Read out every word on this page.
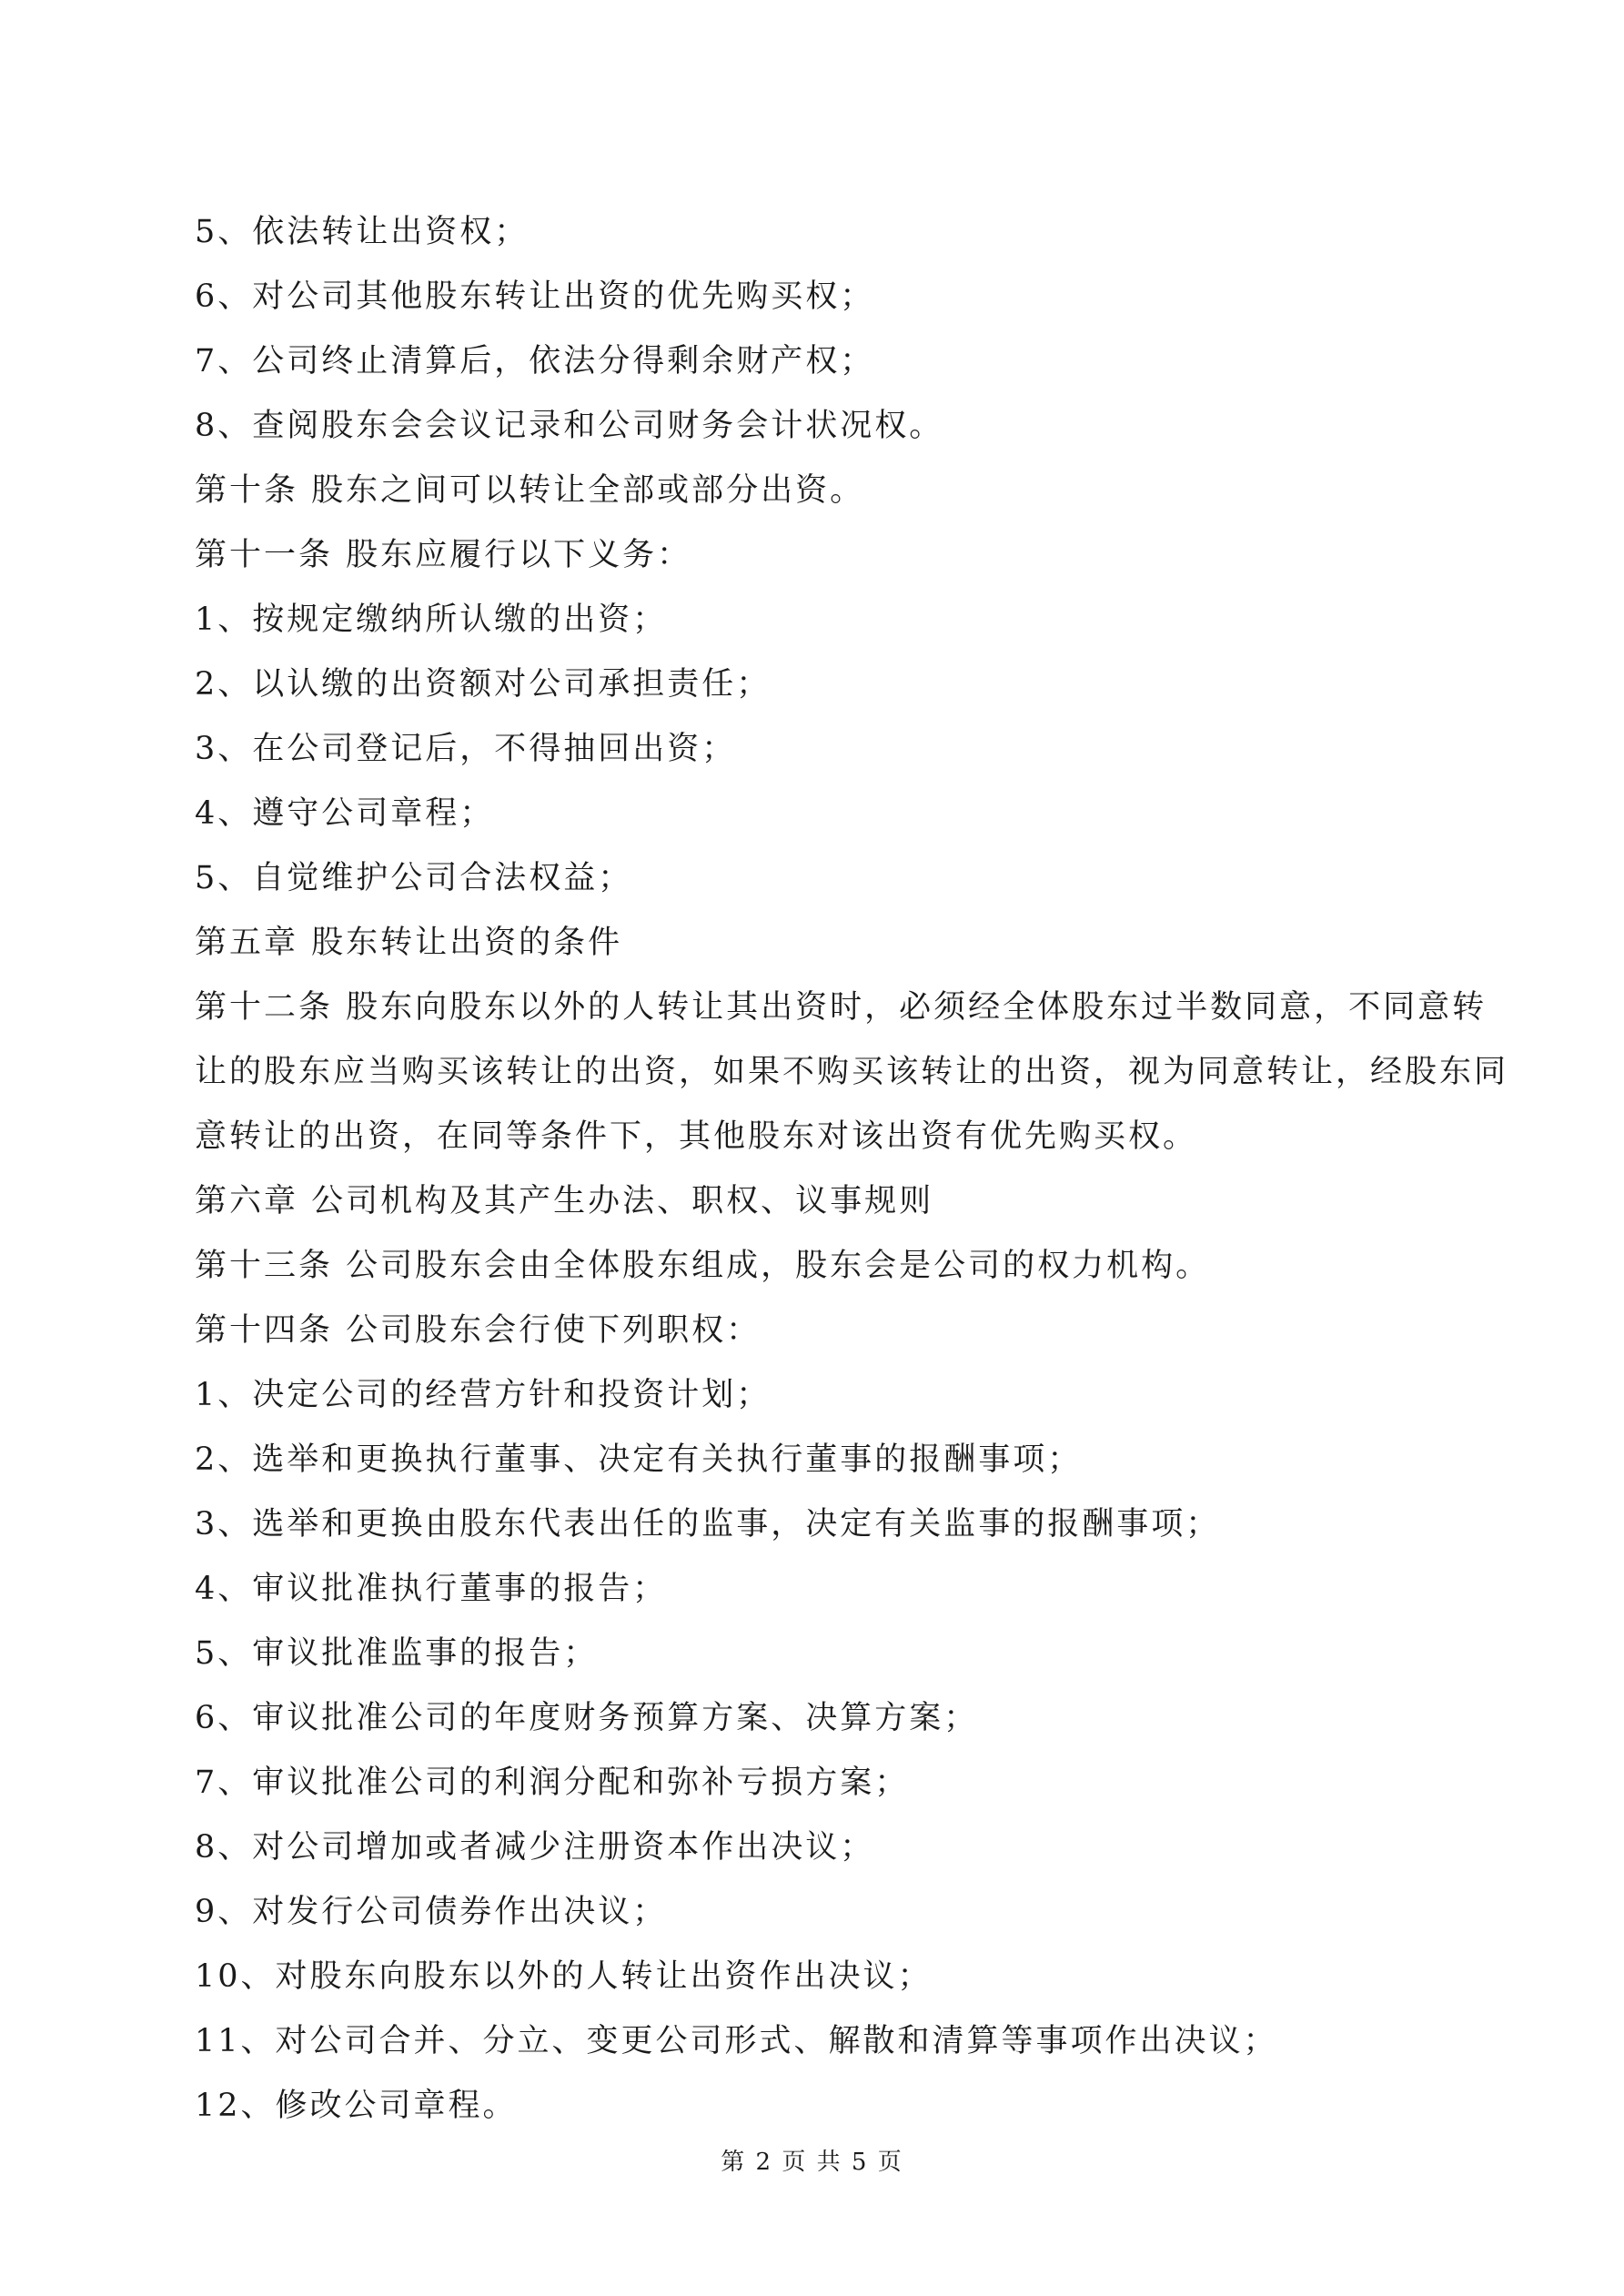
5、依法转让出资权；
6、对公司其他股东转让出资的优先购买权；
7、公司终止清算后，依法分得剩余财产权；
8、查阅股东会会议记录和公司财务会计状况权。
第十条 股东之间可以转让全部或部分出资。
第十一条 股东应履行以下义务：
1、按规定缴纳所认缴的出资；
2、以认缴的出资额对公司承担责任；
3、在公司登记后，不得抽回出资；
4、遵守公司章程；
5、自觉维护公司合法权益；
第五章 股东转让出资的条件

第十二条 股东向股东以外的人转让其出资时，必须经全体股东过半数同意，不同意转
让的股东应当购买该转让的出资，如果不购买该转让的出资，视为同意转让，经股东同
意转让的出资，在同等条件下，其他股东对该出资有优先购买权。

第六章 公司机构及其产生办法、职权、议事规则
第十三条 公司股东会由全体股东组成，股东会是公司的权力机构。
第十四条 公司股东会行使下列职权：
1、决定公司的经营方针和投资计划；
2、选举和更换执行董事、决定有关执行董事的报酬事项；
3、选举和更换由股东代表出任的监事，决定有关监事的报酬事项；
4、审议批准执行董事的报告；
5、审议批准监事的报告；
6、审议批准公司的年度财务预算方案、决算方案；
7、审议批准公司的利润分配和弥补亏损方案；
8、对公司增加或者减少注册资本作出决议；
9、对发行公司债券作出决议；
10、对股东向股东以外的人转让出资作出决议；
11、对公司合并、分立、变更公司形式、解散和清算等事项作出决议；
12、修改公司章程。
第 2 页 共 5 页
